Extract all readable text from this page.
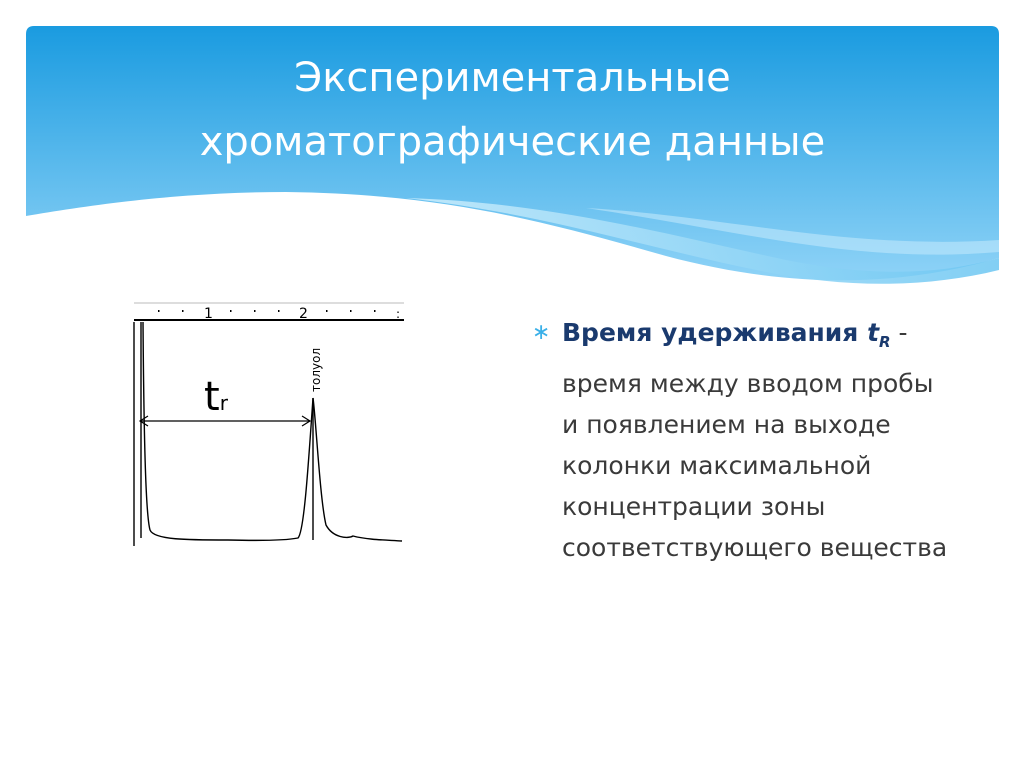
Экспериментальные
хроматографические данные
1	2	:
толуол
tr
∗ Время удерживания $t_R$ - время между вводом пробы и появлением на выходе колонки максимальной концентрации зоны соответствующего вещества
